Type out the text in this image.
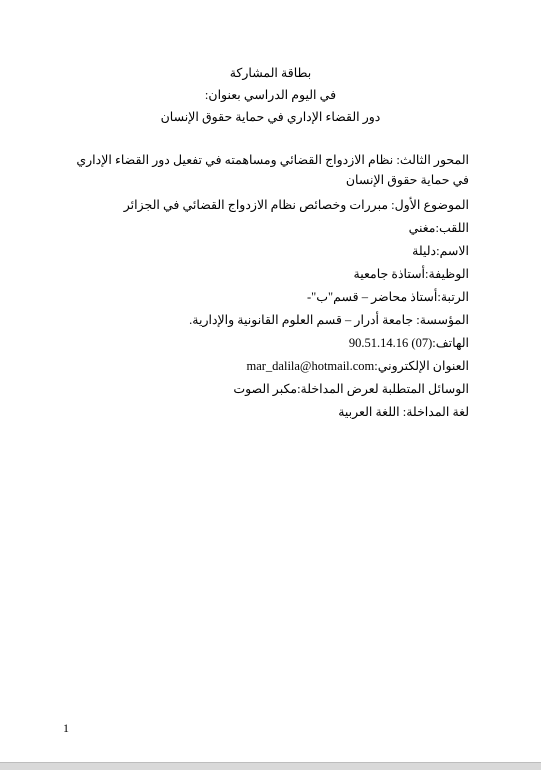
بطاقة المشاركة
في اليوم الدراسي بعنوان:
دور القضاء الإداري في حماية حقوق الإنسان
المحور الثالث: نظام الازدواج القضائي ومساهمته في تفعيل دور القضاء الإداري في حماية حقوق الإنسان
الموضوع الأول: مبررات وخصائص نظام الازدواج القضائي في الجزائر
اللقب:مغني
الاسم:دليلة
الوظيفة:أستاذة جامعية
الرتبة:أستاذ محاضر – قسم"ب"-
المؤسسة: جامعة أدرار – قسم العلوم القانونية والإدارية.
الهاتف:90.51.14.16 (07)
العنوان الإلكتروني:mar_dalila@hotmail.com
الوسائل المتطلبة لعرض المداخلة:مكبر الصوت
لغة المداخلة: اللغة العربية
1
